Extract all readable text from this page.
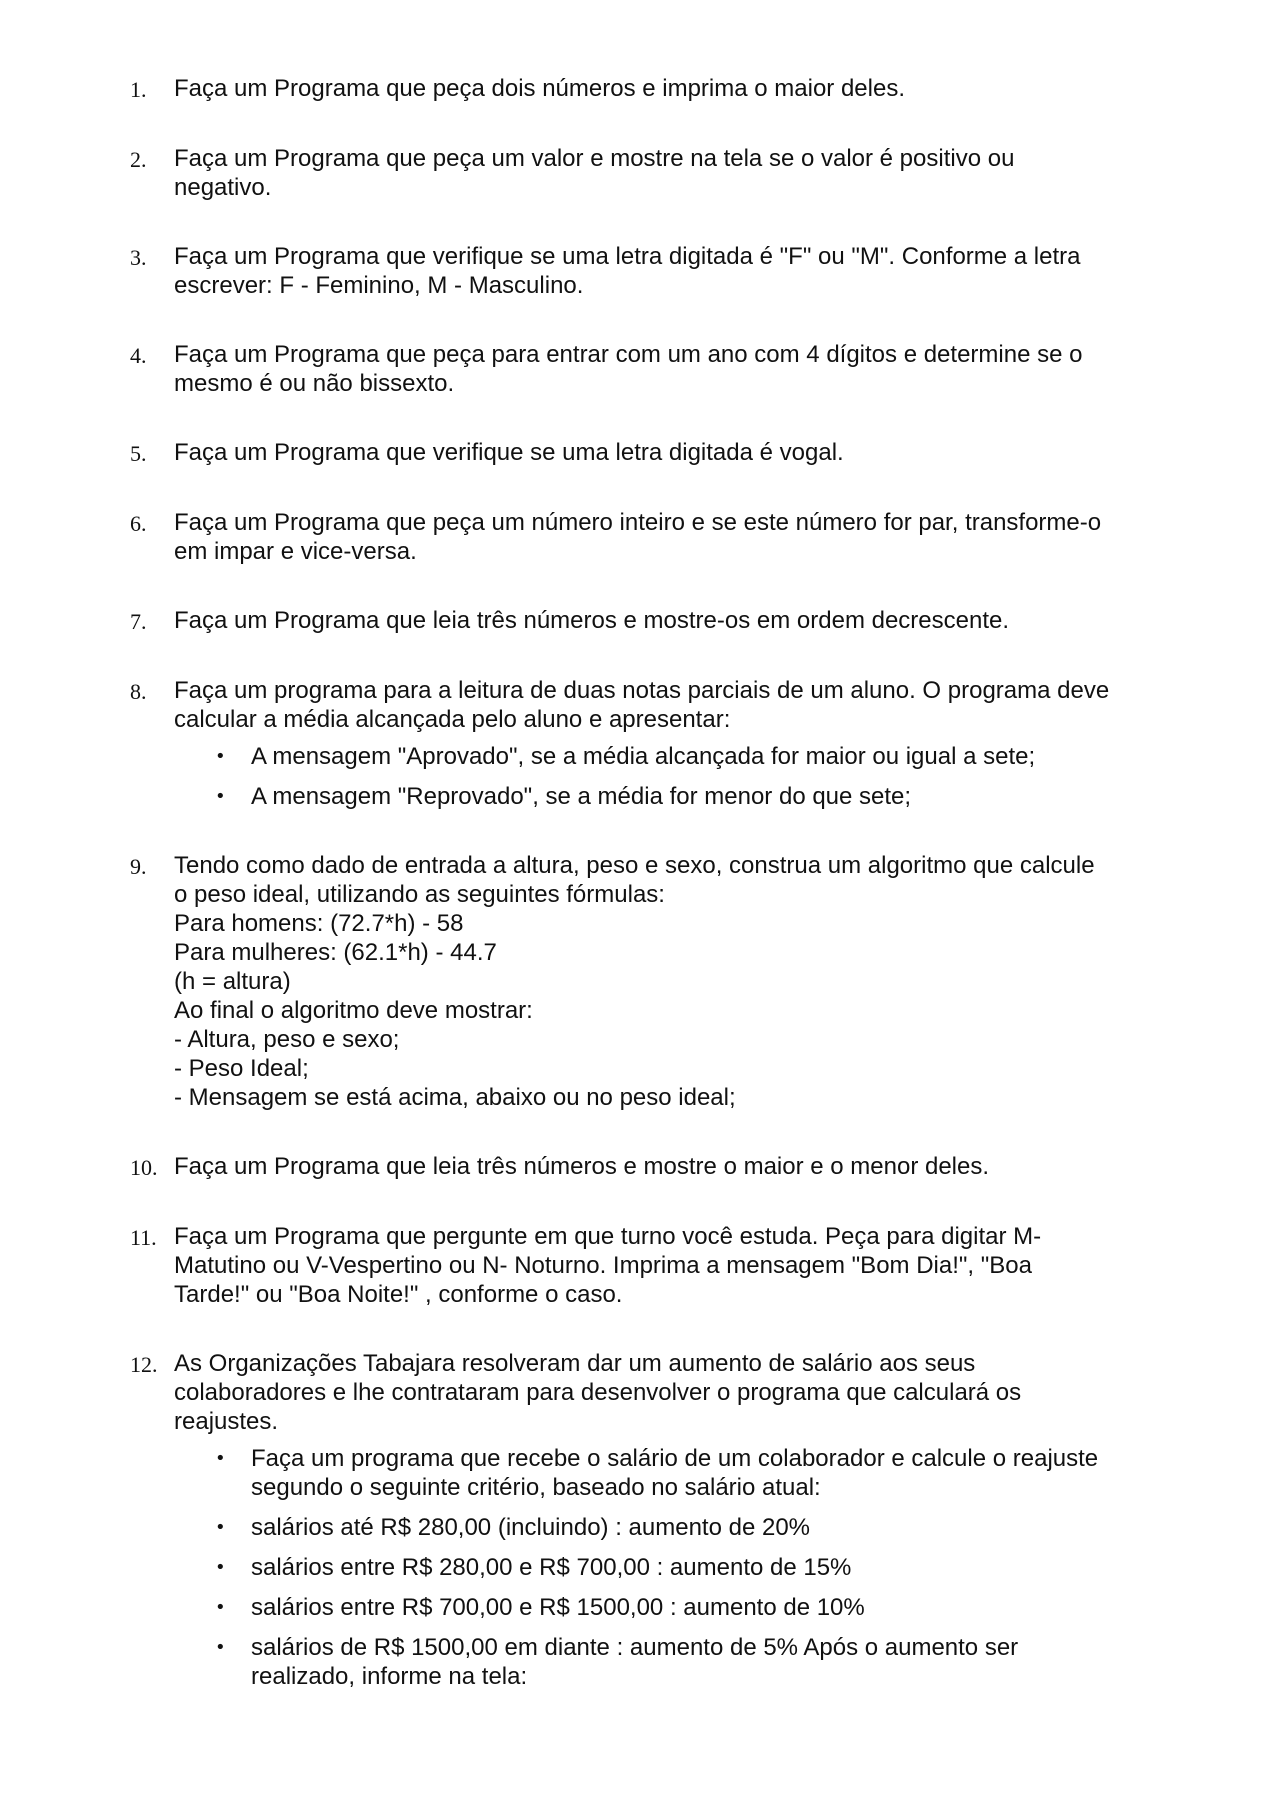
1.	Faça um Programa que peça dois números e imprima o maior deles.
2.	Faça um Programa que peça um valor e mostre na tela se o valor é positivo ou
negativo.
3.	Faça um Programa que verifique se uma letra digitada é "F" ou "M". Conforme a letra
escrever: F - Feminino, M - Masculino.
4.	Faça um Programa que peça para entrar com um ano com 4 dígitos e determine se o
mesmo é ou não bissexto.
5.	Faça um Programa que verifique se uma letra digitada é vogal.
6.	Faça um Programa que peça um número inteiro e se este número for par, transforme-o
em impar e vice-versa.
7.	Faça um Programa que leia três números e mostre-os em ordem decrescente.
8.	Faça um programa para a leitura de duas notas parciais de um aluno. O programa deve
calcular a média alcançada pelo aluno e apresentar:
•	A mensagem "Aprovado", se a média alcançada for maior ou igual a sete;
•	A mensagem "Reprovado", se a média for menor do que sete;
9.	Tendo como dado de entrada a altura, peso e sexo, construa um algoritmo que calcule
o peso ideal, utilizando as seguintes fórmulas:
Para homens: (72.7*h) - 58
Para mulheres: (62.1*h) - 44.7
(h = altura)
Ao final o algoritmo deve mostrar:
- Altura, peso e sexo;
- Peso Ideal;
- Mensagem se está acima, abaixo ou no peso ideal;
10. Faça um Programa que leia três números e mostre o maior e o menor deles.
11. Faça um Programa que pergunte em que turno você estuda. Peça para digitar M-
Matutino ou V-Vespertino ou N- Noturno. Imprima a mensagem "Bom Dia!", "Boa
Tarde!" ou "Boa Noite!" , conforme o caso.
12. As Organizações Tabajara resolveram dar um aumento de salário aos seus
colaboradores e lhe contrataram para desenvolver o programa que calculará os
reajustes.
•	Faça um programa que recebe o salário de um colaborador e calcule o reajuste
segundo o seguinte critério, baseado no salário atual:
•	salários até R$ 280,00 (incluindo) : aumento de 20%
•	salários entre R$ 280,00 e R$ 700,00 : aumento de 15%
•	salários entre R$ 700,00 e R$ 1500,00 : aumento de 10%
•	salários de R$ 1500,00 em diante : aumento de 5% Após o aumento ser
realizado, informe na tela:
